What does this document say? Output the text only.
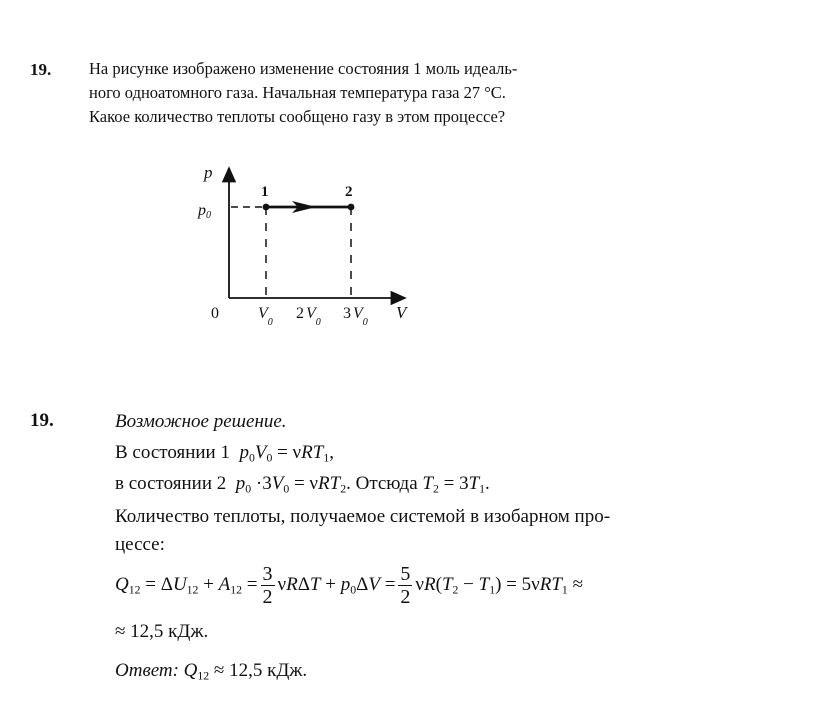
19. На рисунке изображено изменение состояния 1 моль идеаль-
ного одноатомного газа. Начальная температура газа 27 °С.
Какое количество теплоты сообщено газу в этом процессе?
p
p0
1	2
0 $V_0$
2 $V_0$
3 $V_0$
V
19.	Возможное решение.
В состоянии 1 $p_0V_0 = \nu RT_1$,
в состоянии 2 $p_0 \cdot 3V_0 = \nu RT_2$. Отсюда $T_2 = 3T_1$.
Количество теплоты, получаемое системой в изобарном про-
цессе:
$Q_{12} = \Delta U_{12} + A_{12} = \frac{3}{2}$ $\nu R\Delta T + p_0\Delta V = \frac{5}{2} \nu R(T_2 - T_1) = 5\nu RT_1$ ≈
≈ 12,5 кДж.
Ответ: $Q_{12} \approx 12,5$ кДж.
